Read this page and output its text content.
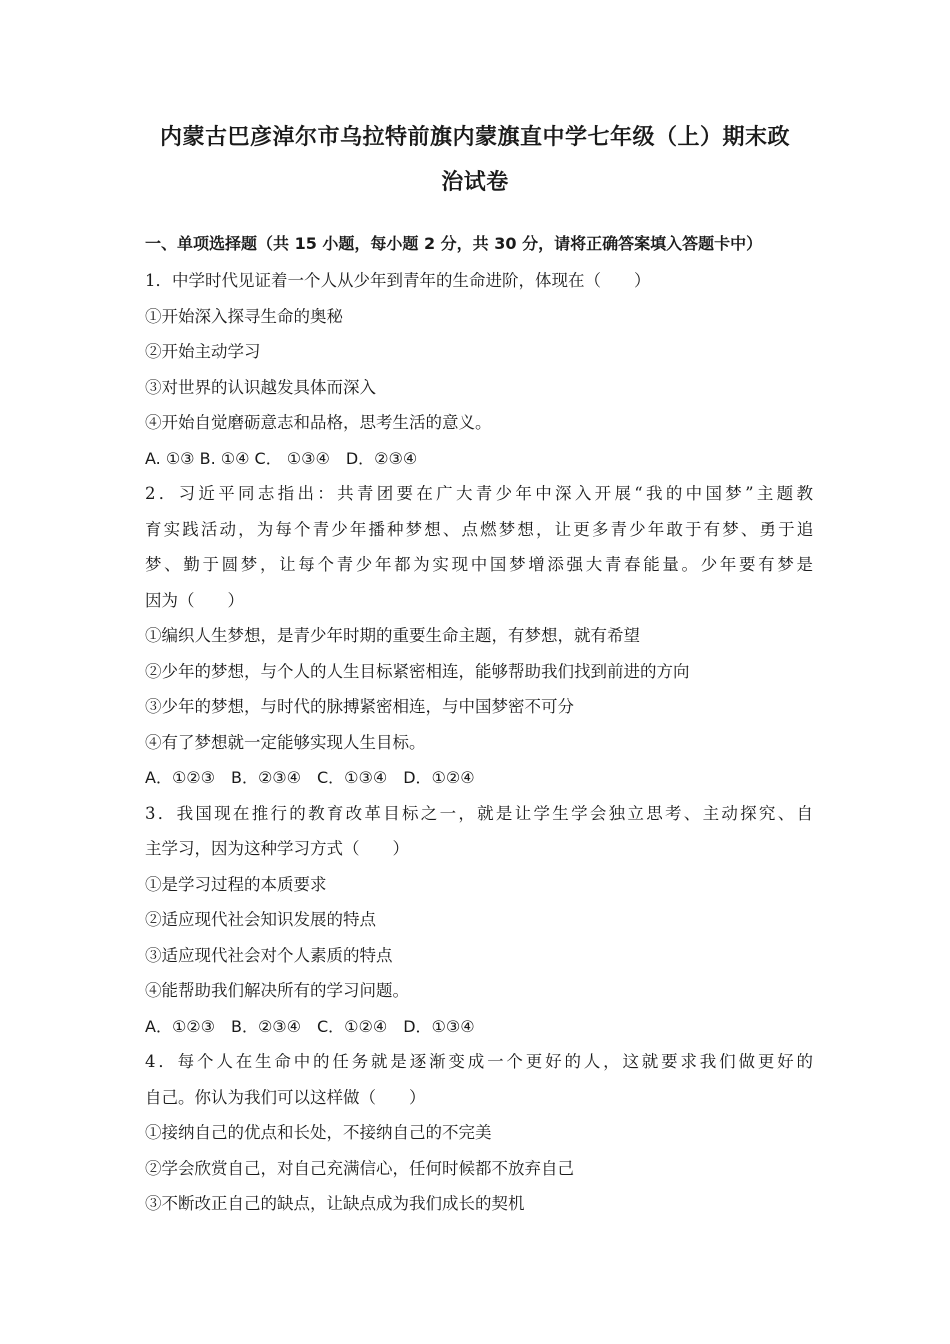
内蒙古巴彦淖尔市乌拉特前旗内蒙旗直中学七年级（上）期末政
治试卷
一、单项选择题（共 15 小题，每小题 2 分，共 30 分，请将正确答案填入答题卡中）
1．中学时代见证着一个人从少年到青年的生命进阶，体现在（　　）
①开始深入探寻生命的奥秘
②开始主动学习
③对世界的认识越发具体而深入
④开始自觉磨砺意志和品格，思考生活的意义。
A. ①③ B. ①④ C． ①③④　D．②③④
2．习近平同志指出：共青团要在广大青少年中深入开展“我的中国梦”主题教
育实践活动，为每个青少年播种梦想、点燃梦想，让更多青少年敢于有梦、勇于追
梦、勤于圆梦，让每个青少年都为实现中国梦增添强大青春能量。少年要有梦是
因为（　　）
①编织人生梦想，是青少年时期的重要生命主题，有梦想，就有希望
②少年的梦想，与个人的人生目标紧密相连，能够帮助我们找到前进的方向
③少年的梦想，与时代的脉搏紧密相连，与中国梦密不可分
④有了梦想就一定能够实现人生目标。
A．①②③　B．②③④　C．①③④　D．①②④
3．我国现在推行的教育改革目标之一，就是让学生学会独立思考、主动探究、自
主学习，因为这种学习方式（　　）
①是学习过程的本质要求
②适应现代社会知识发展的特点
③适应现代社会对个人素质的特点
④能帮助我们解决所有的学习问题。
A．①②③　B．②③④　C．①②④　D．①③④
4．每个人在生命中的任务就是逐渐变成一个更好的人，这就要求我们做更好的
自己。你认为我们可以这样做（　　）
①接纳自己的优点和长处，不接纳自己的不完美
②学会欣赏自己，对自己充满信心，任何时候都不放弃自己
③不断改正自己的缺点，让缺点成为我们成长的契机
